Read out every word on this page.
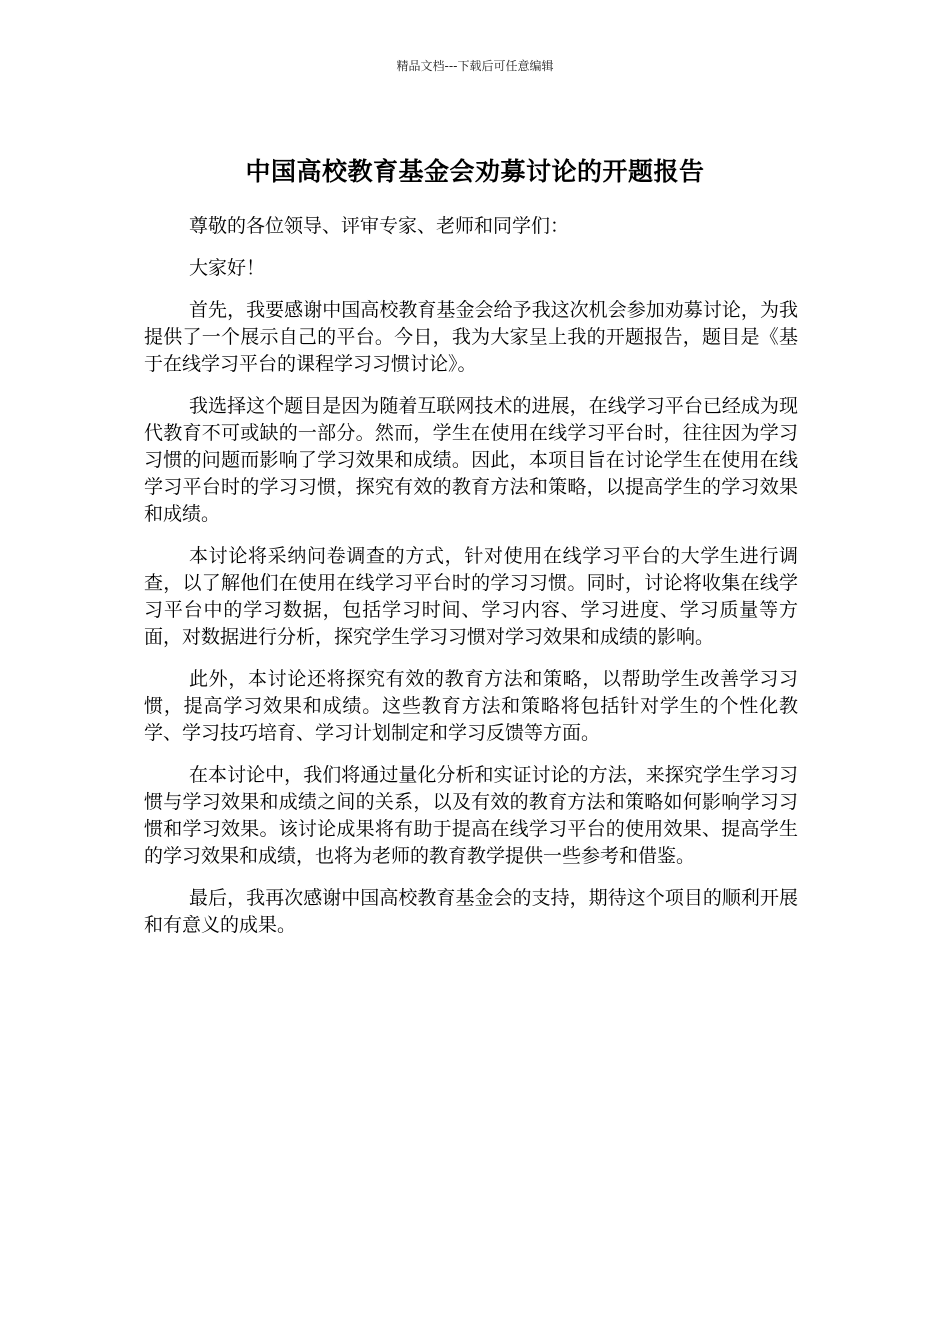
精品文档---下载后可任意编辑
中国高校教育基金会劝募讨论的开题报告

尊敬的各位领导、评审专家、老师和同学们：

大家好！

首先，我要感谢中国高校教育基金会给予我这次机会参加劝募讨论，为我提供了一个展示自己的平台。今日，我为大家呈上我的开题报告，题目是《基于在线学习平台的课程学习习惯讨论》。

我选择这个题目是因为随着互联网技术的进展，在线学习平台已经成为现代教育不可或缺的一部分。然而，学生在使用在线学习平台时，往往因为学习习惯的问题而影响了学习效果和成绩。因此，本项目旨在讨论学生在使用在线学习平台时的学习习惯，探究有效的教育方法和策略，以提高学生的学习效果和成绩。

本讨论将采纳问卷调查的方式，针对使用在线学习平台的大学生进行调查，以了解他们在使用在线学习平台时的学习习惯。同时，讨论将收集在线学习平台中的学习数据，包括学习时间、学习内容、学习进度、学习质量等方面，对数据进行分析，探究学生学习习惯对学习效果和成绩的影响。

此外，本讨论还将探究有效的教育方法和策略，以帮助学生改善学习习惯，提高学习效果和成绩。这些教育方法和策略将包括针对学生的个性化教学、学习技巧培育、学习计划制定和学习反馈等方面。

在本讨论中，我们将通过量化分析和实证讨论的方法，来探究学生学习习惯与学习效果和成绩之间的关系，以及有效的教育方法和策略如何影响学习习惯和学习效果。该讨论成果将有助于提高在线学习平台的使用效果、提高学生的学习效果和成绩，也将为老师的教育教学提供一些参考和借鉴。

最后，我再次感谢中国高校教育基金会的支持，期待这个项目的顺利开展和有意义的成果。
